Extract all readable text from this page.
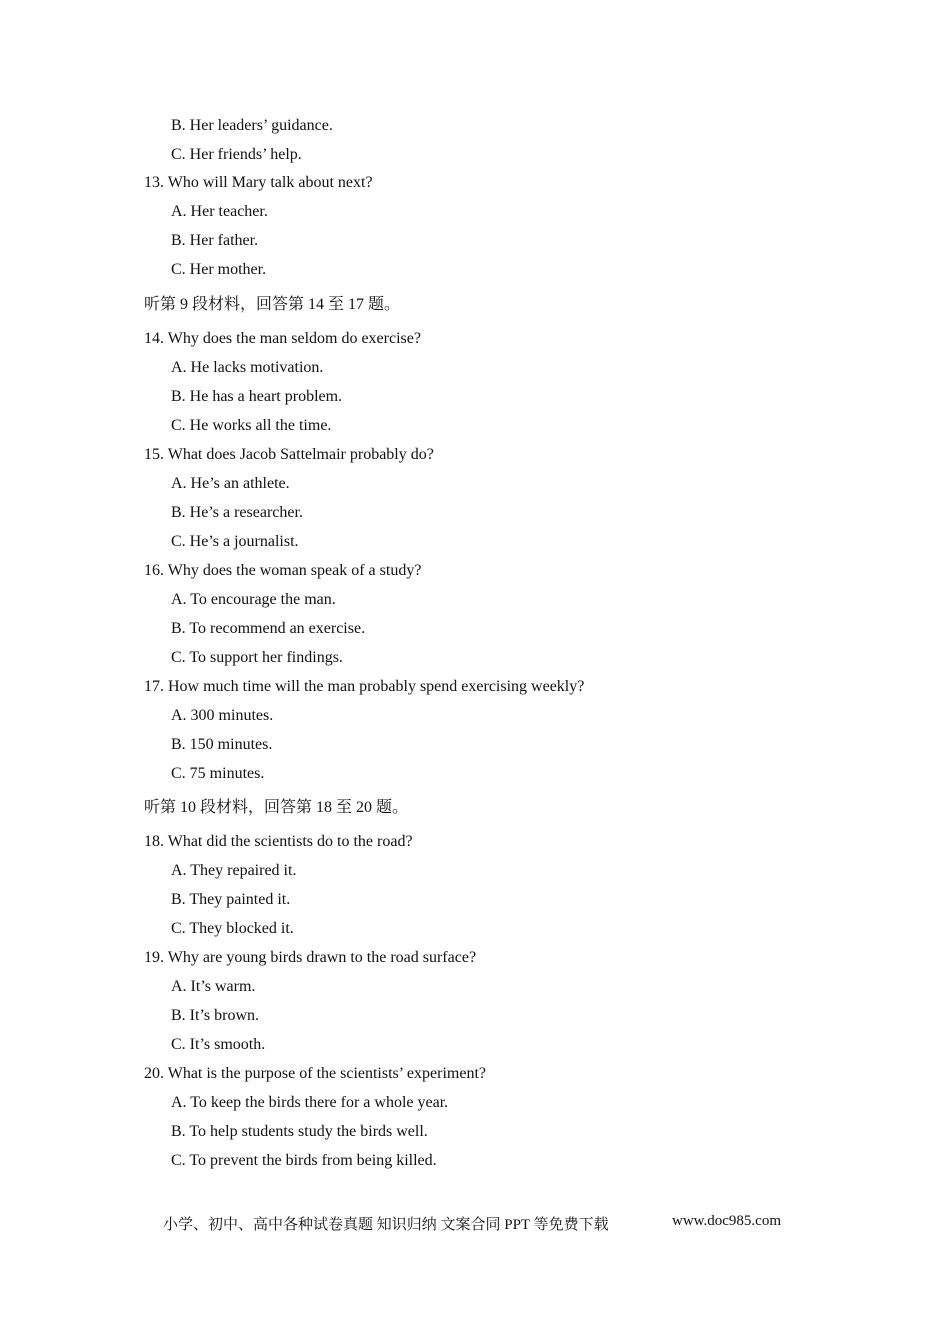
B. Her leaders’ guidance.
C. Her friends’ help.
13. Who will Mary talk about next?
A. Her teacher.
B. Her father.
C. Her mother.
听第 9 段材料，回答第 14 至 17 题。
14. Why does the man seldom do exercise?
A. He lacks motivation.
B. He has a heart problem.
C. He works all the time.
15. What does Jacob Sattelmair probably do?
A. He’s an athlete.
B. He’s a researcher.
C. He’s a journalist.
16. Why does the woman speak of a study?
A. To encourage the man.
B. To recommend an exercise.
C. To support her findings.
17. How much time will the man probably spend exercising weekly?
A. 300 minutes.
B. 150 minutes.
C. 75 minutes.
听第 10 段材料，回答第 18 至 20 题。
18. What did the scientists do to the road?
A. They repaired it.
B. They painted it.
C. They blocked it.
19. Why are young birds drawn to the road surface?
A. It’s warm.
B. It’s brown.
C. It’s smooth.
20. What is the purpose of the scientists’ experiment?
A. To keep the birds there for a whole year.
B. To help students study the birds well.
C. To prevent the birds from being killed.
小学、初中、高中各种试卷真题 知识归纳 文案合同 PPT 等免费下载	www.doc985.com
